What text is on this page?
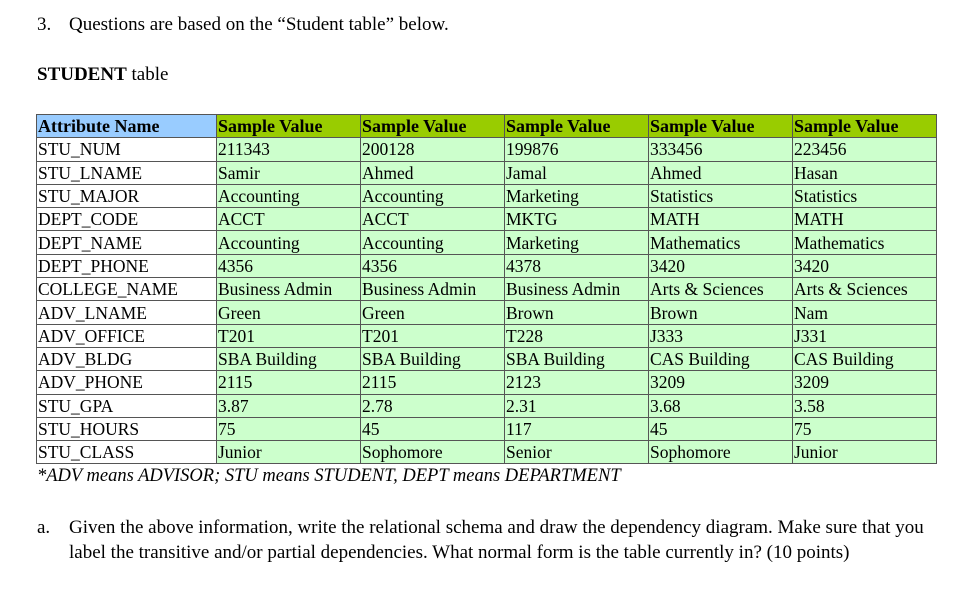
3. Questions are based on the “Student table” below.
STUDENT table
Attribute Name	Sample Value	Sample Value	Sample Value	Sample Value	Sample Value
STU_NUM	211343	200128	199876	333456	223456
STU_LNAME	Samir	Ahmed	Jamal	Ahmed	Hasan
STU_MAJOR	Accounting	Accounting	Marketing	Statistics	Statistics
DEPT_CODE	ACCT	ACCT	MKTG	MATH	MATH
DEPT_NAME	Accounting	Accounting	Marketing	Mathematics	Mathematics
DEPT_PHONE	4356	4356	4378	3420	3420
COLLEGE_NAME	Business Admin	Business Admin	Business Admin	Arts & Sciences	Arts & Sciences
ADV_LNAME	Green	Green	Brown	Brown	Nam
ADV_OFFICE	T201	T201	T228	J333	J331
ADV_BLDG	SBA Building	SBA Building	SBA Building	CAS Building	CAS Building
ADV_PHONE	2115	2115	2123	3209	3209
STU_GPA	3.87	2.78	2.31	3.68	3.58
STU_HOURS	75	45	117	45	75
STU_CLASS	Junior	Sophomore	Senior	Sophomore	Junior
*ADV means ADVISOR; STU means STUDENT, DEPT means DEPARTMENT
a. Given the above information, write the relational schema and draw the dependency diagram. Make sure that you label the transitive and/or partial dependencies. What normal form is the table currently in? (10 points)
